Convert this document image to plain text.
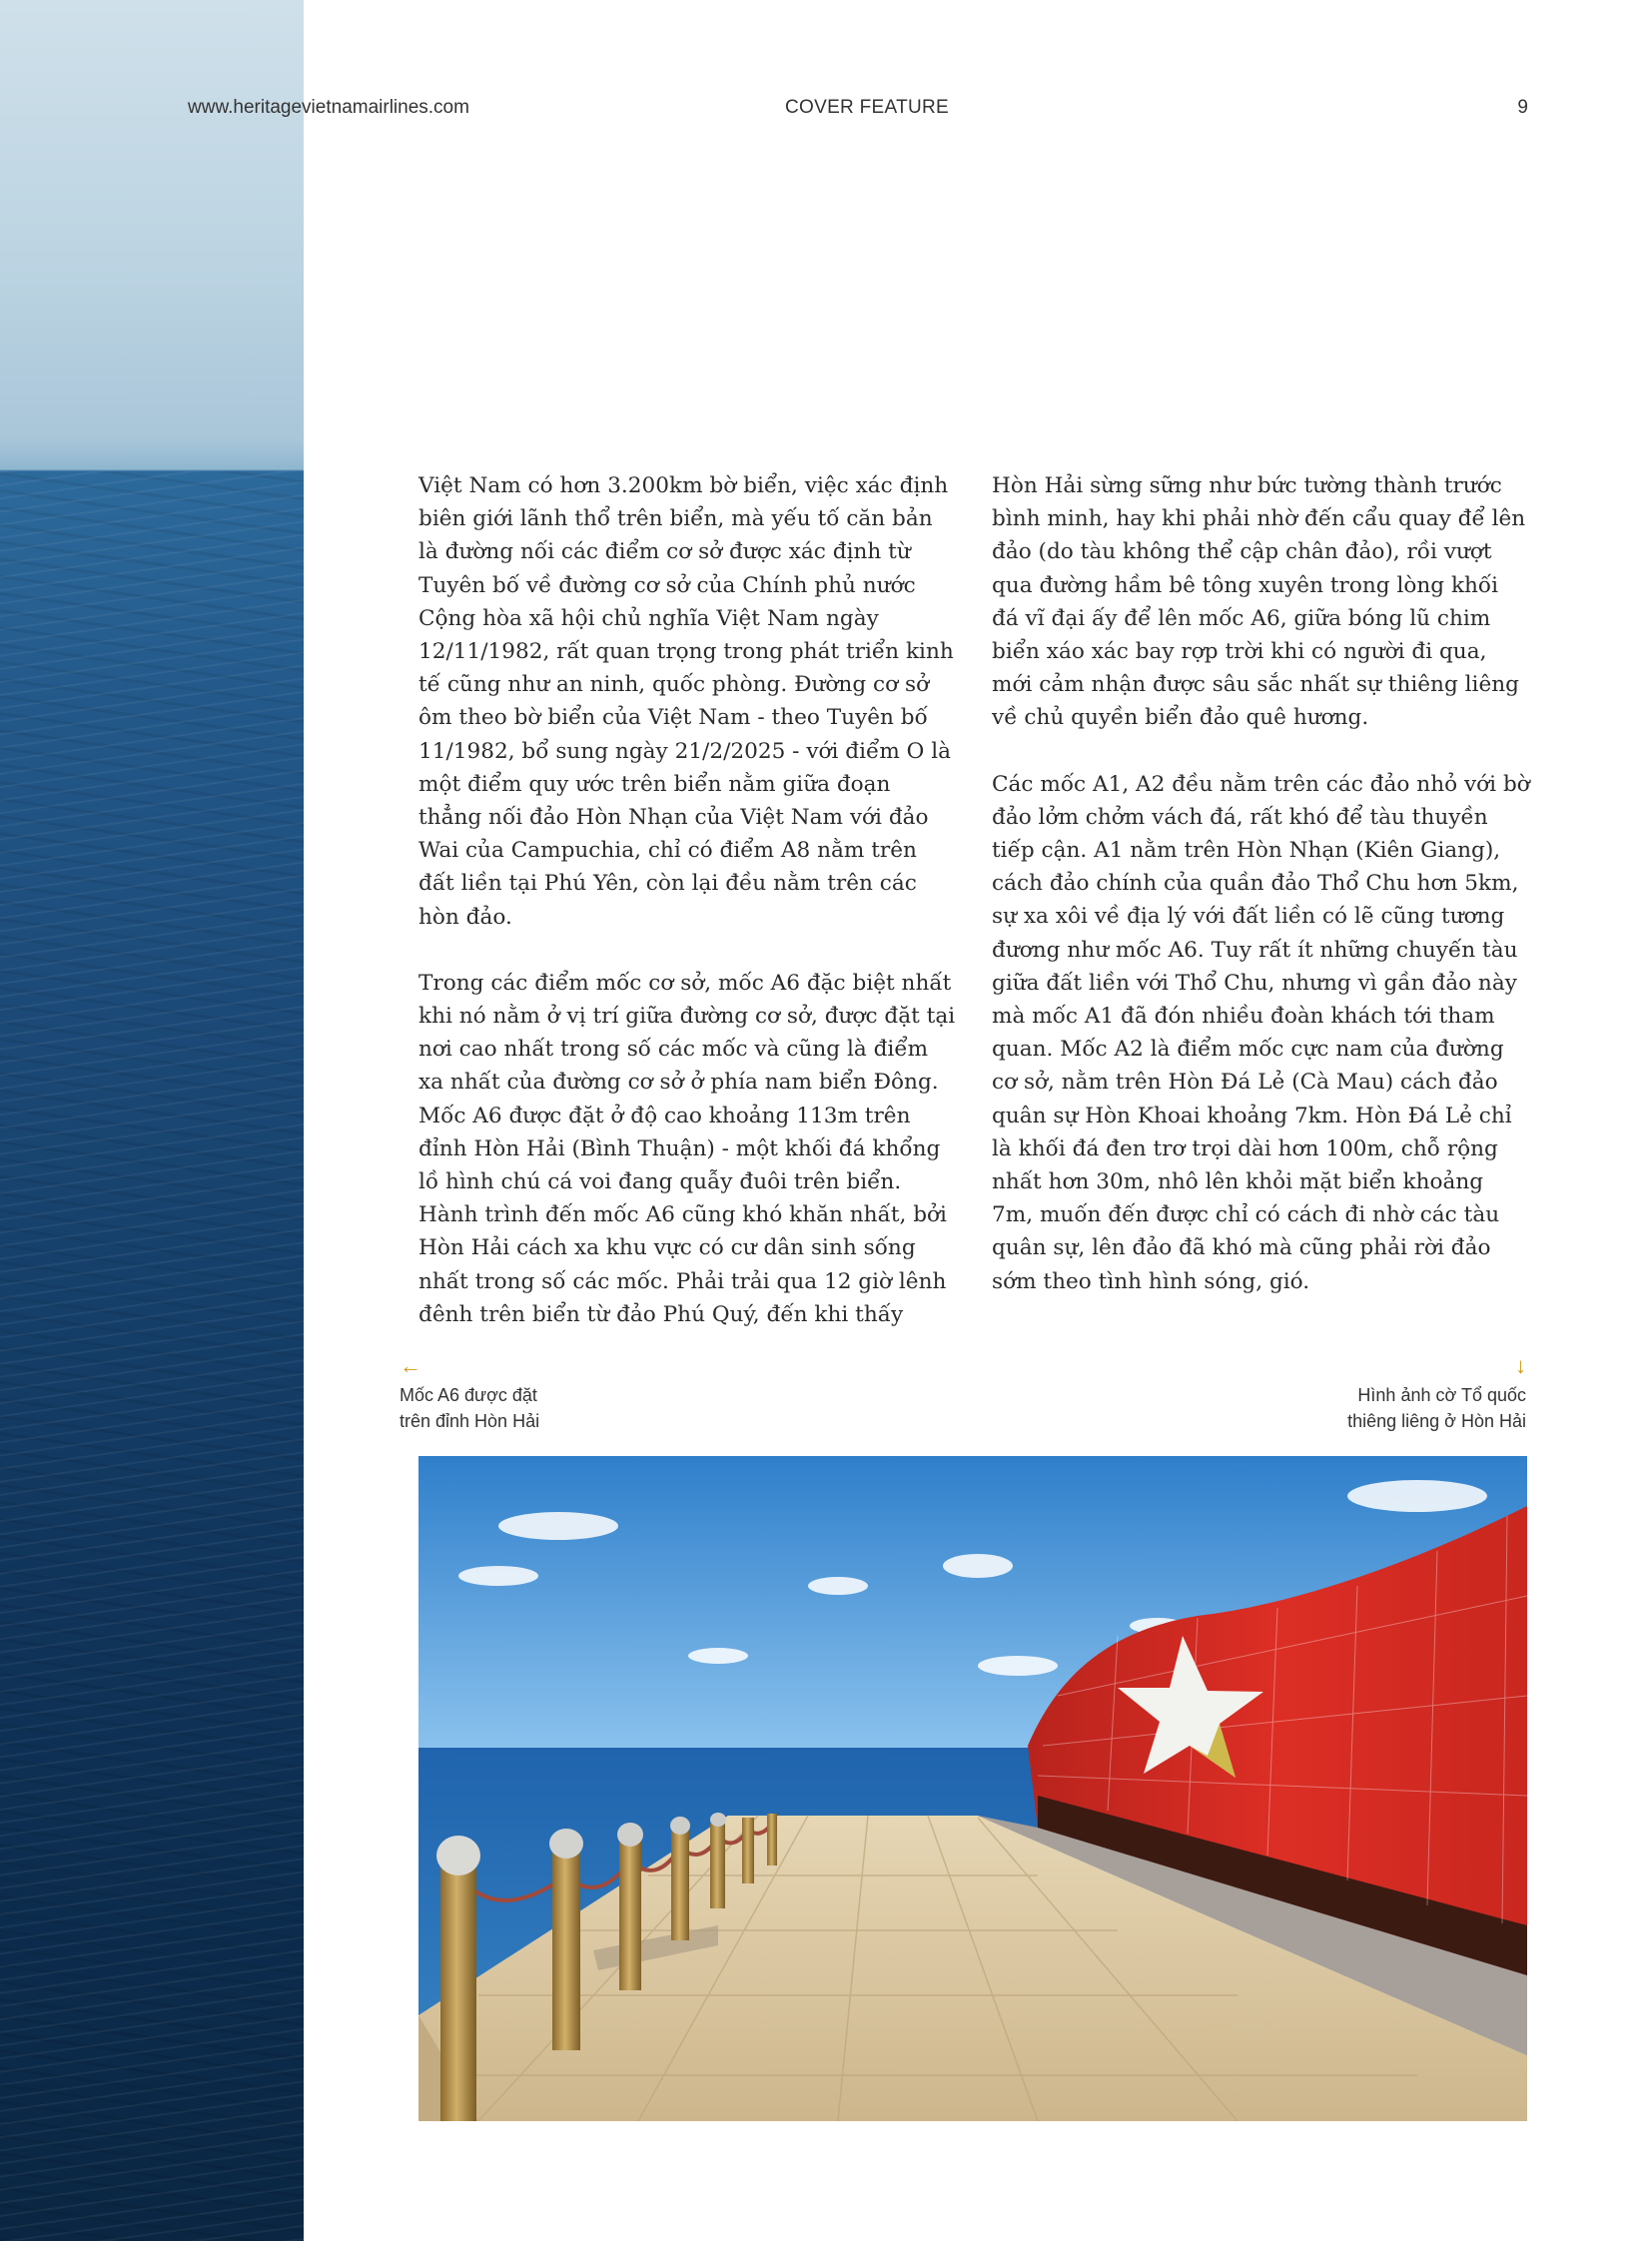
www.heritagevietnamairlines.com	COVER FEATURE	9

Việt Nam có hơn 3.200km bờ biển, việc xác định biên giới lãnh thổ trên biển, mà yếu tố căn bản là đường nối các điểm cơ sở được xác định từ Tuyên bố về đường cơ sở của Chính phủ nước Cộng hòa xã hội chủ nghĩa Việt Nam ngày 12/11/1982, rất quan trọng trong phát triển kinh tế cũng như an ninh, quốc phòng. Đường cơ sở ôm theo bờ biển của Việt Nam - theo Tuyên bố 11/1982, bổ sung ngày 21/2/2025 - với điểm O là một điểm quy ước trên biển nằm giữa đoạn thẳng nối đảo Hòn Nhạn của Việt Nam với đảo Wai của Campuchia, chỉ có điểm A8 nằm trên đất liền tại Phú Yên, còn lại đều nằm trên các hòn đảo.

Trong các điểm mốc cơ sở, mốc A6 đặc biệt nhất khi nó nằm ở vị trí giữa đường cơ sở, được đặt tại nơi cao nhất trong số các mốc và cũng là điểm xa nhất của đường cơ sở ở phía nam biển Đông. Mốc A6 được đặt ở độ cao khoảng 113m trên đỉnh Hòn Hải (Bình Thuận) - một khối đá khổng lồ hình chú cá voi đang quẫy đuôi trên biển. Hành trình đến mốc A6 cũng khó khăn nhất, bởi Hòn Hải cách xa khu vực có cư dân sinh sống nhất trong số các mốc. Phải trải qua 12 giờ lênh đênh trên biển từ đảo Phú Quý, đến khi thấy

Hòn Hải sừng sững như bức tường thành trước bình minh, hay khi phải nhờ đến cẩu quay để lên đảo (do tàu không thể cập chân đảo), rồi vượt qua đường hầm bê tông xuyên trong lòng khối đá vĩ đại ấy để lên mốc A6, giữa bóng lũ chim biển xáo xác bay rợp trời khi có người đi qua, mới cảm nhận được sâu sắc nhất sự thiêng liêng về chủ quyền biển đảo quê hương.

Các mốc A1, A2 đều nằm trên các đảo nhỏ với bờ đảo lởm chởm vách đá, rất khó để tàu thuyền tiếp cận. A1 nằm trên Hòn Nhạn (Kiên Giang), cách đảo chính của quần đảo Thổ Chu hơn 5km, sự xa xôi về địa lý với đất liền có lẽ cũng tương đương như mốc A6. Tuy rất ít những chuyến tàu giữa đất liền với Thổ Chu, nhưng vì gần đảo này mà mốc A1 đã đón nhiều đoàn khách tới tham quan. Mốc A2 là điểm mốc cực nam của đường cơ sở, nằm trên Hòn Đá Lẻ (Cà Mau) cách đảo quân sự Hòn Khoai khoảng 7km. Hòn Đá Lẻ chỉ là khối đá đen trơ trọi dài hơn 100m, chỗ rộng nhất hơn 30m, nhô lên khỏi mặt biển khoảng 7m, muốn đến được chỉ có cách đi nhờ các tàu quân sự, lên đảo đã khó mà cũng phải rời đảo sớm theo tình hình sóng, gió.

←
Mốc A6 được đặt
trên đỉnh Hòn Hải
↓
Hình ảnh cờ Tổ quốc
thiêng liêng ở Hòn Hải
